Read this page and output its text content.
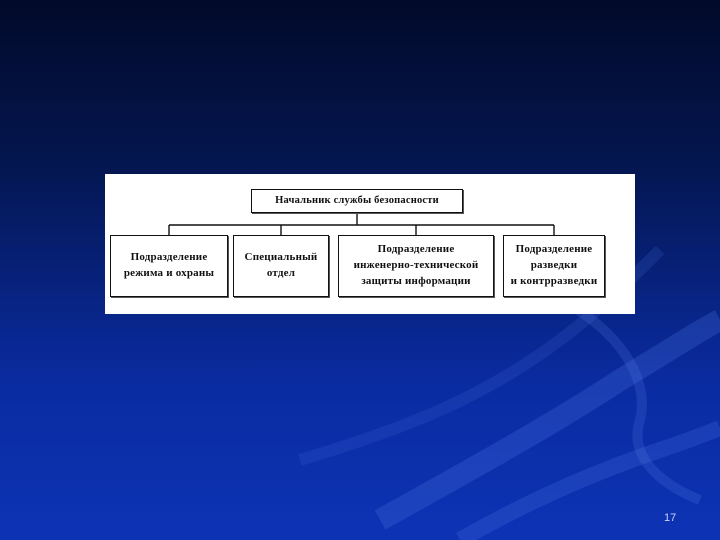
Начальник службы безопасности
Подразделение
режима и охраны
Специальный
отдел
Подразделение
инженерно-технической
защиты информации
Подразделение
разведки
и контрразведки
17
